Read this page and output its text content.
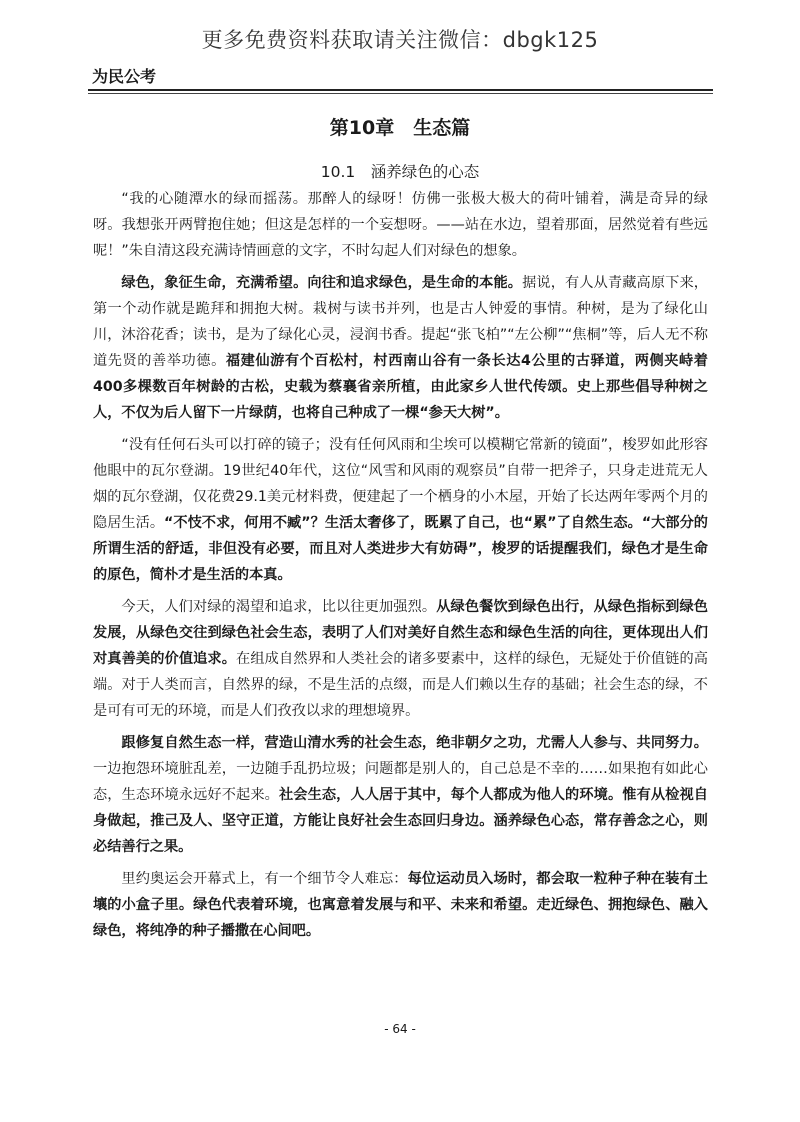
更多免费资料获取请关注微信：dbgk125
为民公考
第10章　生态篇
10.1　涵养绿色的心态

“我的心随潭水的绿而摇荡。那醉人的绿呀！仿佛一张极大极大的荷叶铺着，满是奇异的绿呀。我想张开两臂抱住她；但这是怎样的一个妄想呀。——站在水边，望着那面，居然觉着有些远呢！”朱自清这段充满诗情画意的文字，不时勾起人们对绿色的想象。

绿色，象征生命，充满希望。向往和追求绿色，是生命的本能。据说，有人从青藏高原下来，第一个动作就是跪拜和拥抱大树。栽树与读书并列，也是古人钟爱的事情。种树，是为了绿化山川，沐浴花香；读书，是为了绿化心灵，浸润书香。提起“张飞柏”“左公柳”“焦桐”等，后人无不称道先贤的善举功德。福建仙游有个百松村，村西南山谷有一条长达4公里的古驿道，两侧夹峙着400多棵数百年树龄的古松，史载为蔡襄省亲所植，由此家乡人世代传颂。史上那些倡导种树之人，不仅为后人留下一片绿荫，也将自己种成了一棵“参天大树”。

“没有任何石头可以打碎的镜子；没有任何风雨和尘埃可以模糊它常新的镜面”，梭罗如此形容他眼中的瓦尔登湖。19世纪40年代，这位“风雪和风雨的观察员”自带一把斧子，只身走进荒无人烟的瓦尔登湖，仅花费29.1美元材料费，便建起了一个栖身的小木屋，开始了长达两年零两个月的隐居生活。“不忮不求，何用不臧”？生活太奢侈了，既累了自己，也“累”了自然生态。“大部分的所谓生活的舒适，非但没有必要，而且对人类进步大有妨碍”，梭罗的话提醒我们，绿色才是生命的原色，简朴才是生活的本真。

今天，人们对绿的渴望和追求，比以往更加强烈。从绿色餐饮到绿色出行，从绿色指标到绿色发展，从绿色交往到绿色社会生态，表明了人们对美好自然生态和绿色生活的向往，更体现出人们对真善美的价值追求。在组成自然界和人类社会的诸多要素中，这样的绿色，无疑处于价值链的高端。对于人类而言，自然界的绿，不是生活的点缀，而是人们赖以生存的基础；社会生态的绿，不是可有可无的环境，而是人们孜孜以求的理想境界。

跟修复自然生态一样，营造山清水秀的社会生态，绝非朝夕之功，尤需人人参与、共同努力。一边抱怨环境脏乱差，一边随手乱扔垃圾；问题都是别人的，自己总是不幸的……如果抱有如此心态，生态环境永远好不起来。社会生态，人人居于其中，每个人都成为他人的环境。惟有从检视自身做起，推己及人、坚守正道，方能让良好社会生态回归身边。涵养绿色心态，常存善念之心，则必结善行之果。

里约奥运会开幕式上，有一个细节令人难忘：每位运动员入场时，都会取一粒种子种在装有土壤的小盒子里。绿色代表着环境，也寓意着发展与和平、未来和希望。走近绿色、拥抱绿色、融入绿色，将纯净的种子播撒在心间吧。

- 64 -
